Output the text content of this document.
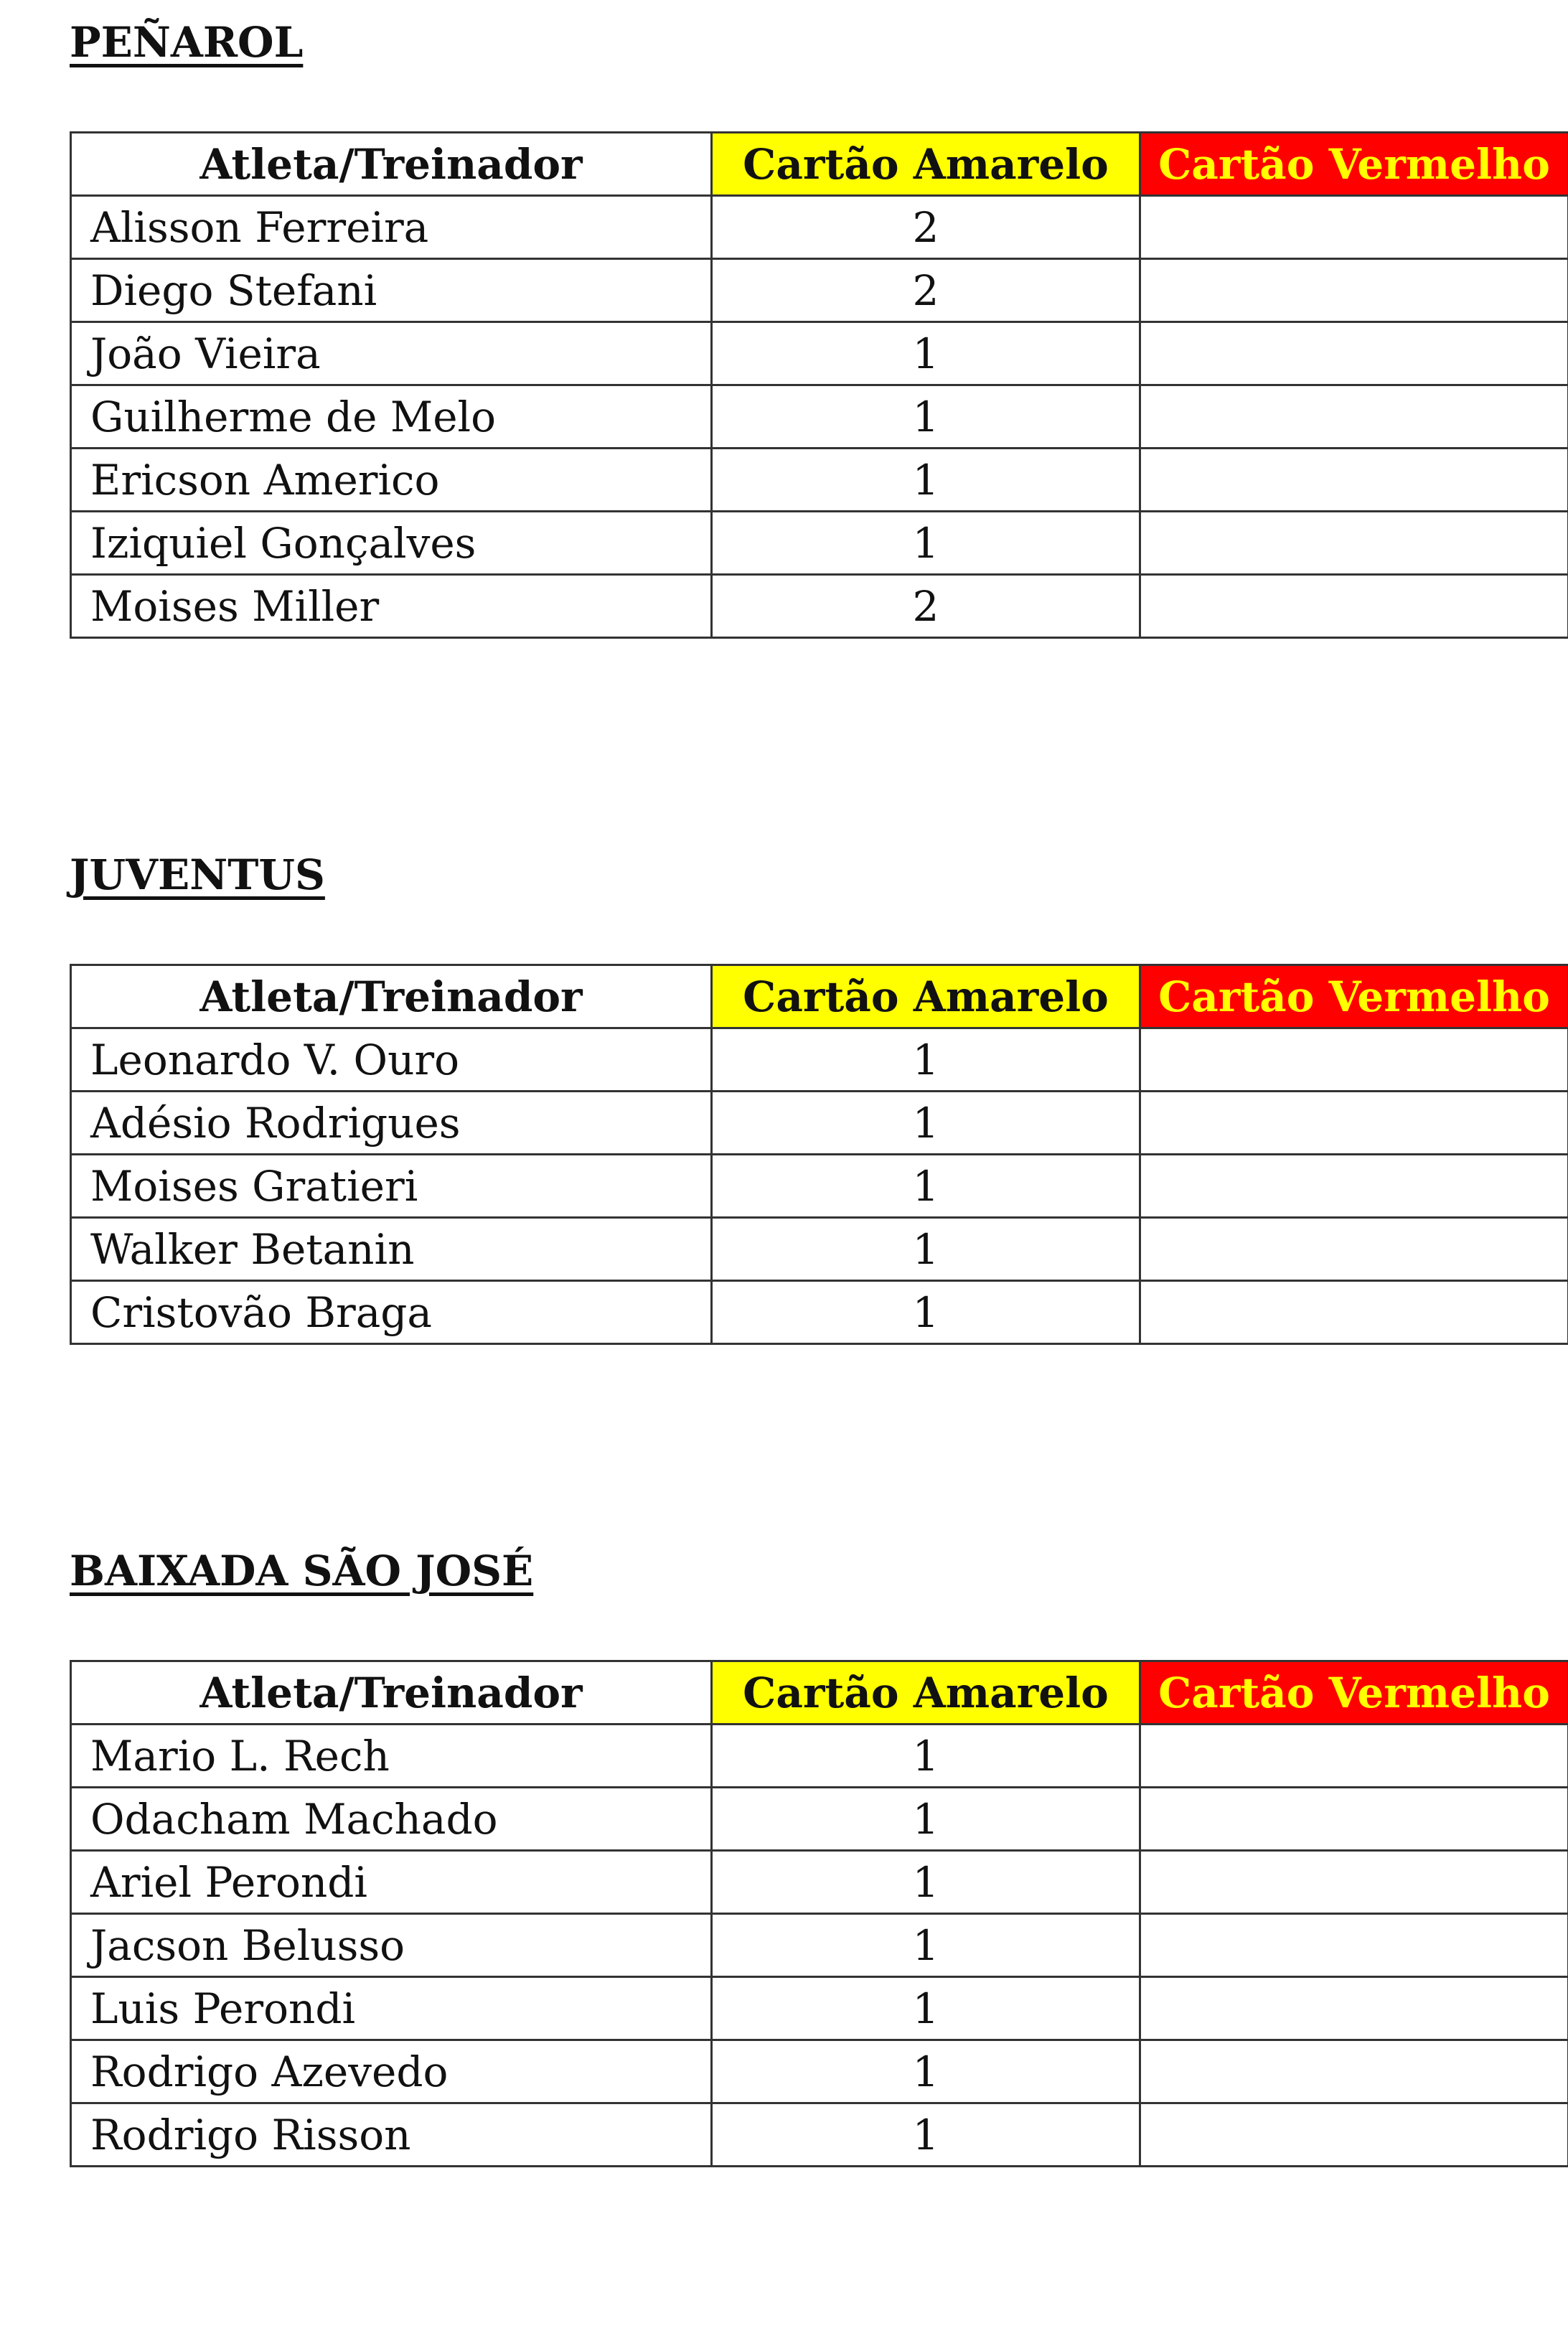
PEÑAROL
Atleta/Treinador	Cartão Amarelo	Cartão Vermelho
Alisson Ferreira	2	
Diego Stefani	2	
João Vieira	1	
Guilherme de Melo	1	
Ericson Americo	1	
Iziquiel Gonçalves	1	
Moises Miller	2	
JUVENTUS
Atleta/Treinador	Cartão Amarelo	Cartão Vermelho
Leonardo V. Ouro	1	
Adésio Rodrigues	1	
Moises Gratieri	1	
Walker Betanin	1	
Cristovão Braga	1	
BAIXADA SÃO JOSÉ
Atleta/Treinador	Cartão Amarelo	Cartão Vermelho
Mario L. Rech	1	
Odacham Machado	1	
Ariel Perondi	1	
Jacson Belusso	1	
Luis Perondi	1	
Rodrigo Azevedo	1	
Rodrigo Risson	1	
